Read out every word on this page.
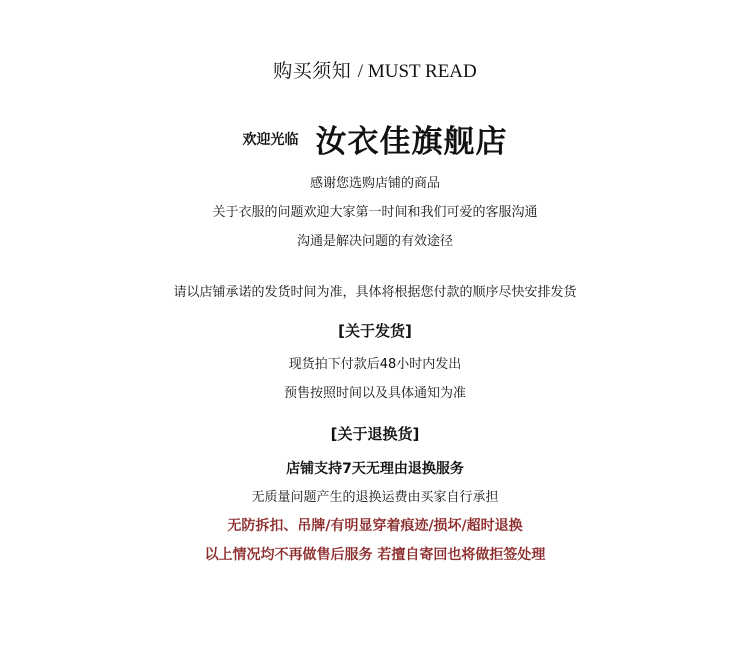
购买须知 / MUST READ
欢迎光临 汝衣佳旗舰店
感谢您选购店铺的商品
关于衣服的问题欢迎大家第一时间和我们可爱的客服沟通
沟通是解决问题的有效途径
请以店铺承诺的发货时间为准，具体将根据您付款的顺序尽快安排发货
[关于发货]
现货拍下付款后48小时内发出
预售按照时间以及具体通知为准
[关于退换货]
店铺支持7天无理由退换服务
无质量问题产生的退换运费由买家自行承担
无防拆扣、吊牌/有明显穿着痕迹/损坏/超时退换
以上情况均不再做售后服务 若擅自寄回也将做拒签处理
